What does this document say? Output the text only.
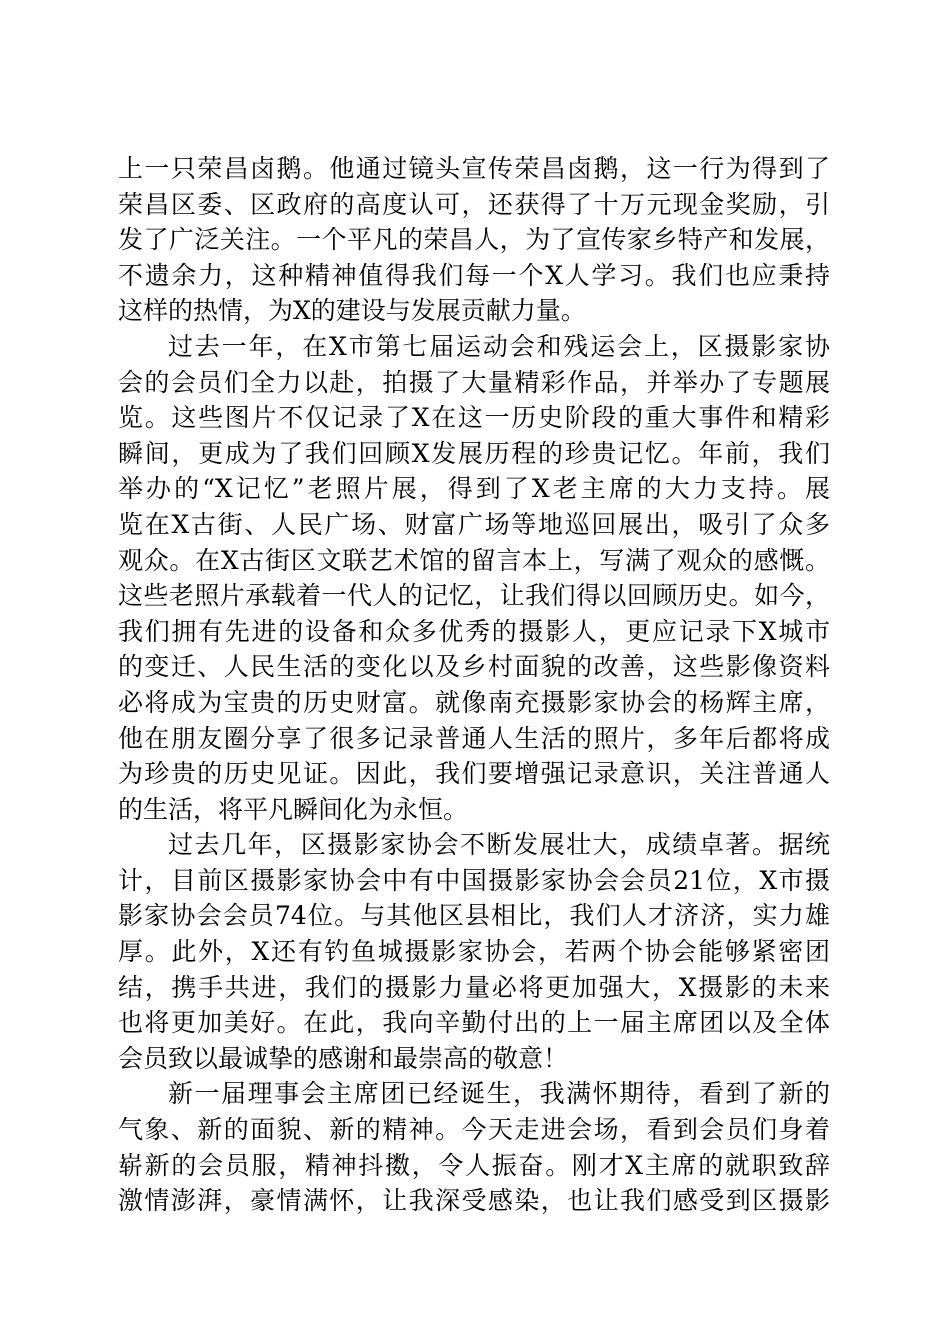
上一只荣昌卤鹅。他通过镜头宣传荣昌卤鹅，这一行为得到了
荣昌区委、区政府的高度认可，还获得了十万元现金奖励，引
发了广泛关注。一个平凡的荣昌人，为了宣传家乡特产和发展，
不遗余力，这种精神值得我们每一个X人学习。我们也应秉持
这样的热情，为X的建设与发展贡献力量。
过去一年，在X市第七届运动会和残运会上，区摄影家协
会的会员们全力以赴，拍摄了大量精彩作品，并举办了专题展
览。这些图片不仅记录了X在这一历史阶段的重大事件和精彩
瞬间，更成为了我们回顾X发展历程的珍贵记忆。年前，我们
举办的“X记忆”老照片展，得到了X老主席的大力支持。展
览在X古街、人民广场、财富广场等地巡回展出，吸引了众多
观众。在X古街区文联艺术馆的留言本上，写满了观众的感慨。
这些老照片承载着一代人的记忆，让我们得以回顾历史。如今，
我们拥有先进的设备和众多优秀的摄影人，更应记录下X城市
的变迁、人民生活的变化以及乡村面貌的改善，这些影像资料
必将成为宝贵的历史财富。就像南充摄影家协会的杨辉主席，
他在朋友圈分享了很多记录普通人生活的照片，多年后都将成
为珍贵的历史见证。因此，我们要增强记录意识，关注普通人
的生活，将平凡瞬间化为永恒。
过去几年，区摄影家协会不断发展壮大，成绩卓著。据统
计，目前区摄影家协会中有中国摄影家协会会员21位，X市摄
影家协会会员74位。与其他区县相比，我们人才济济，实力雄
厚。此外，X还有钓鱼城摄影家协会，若两个协会能够紧密团
结，携手共进，我们的摄影力量必将更加强大，X摄影的未来
也将更加美好。在此，我向辛勤付出的上一届主席团以及全体
会员致以最诚挚的感谢和最崇高的敬意！
新一届理事会主席团已经诞生，我满怀期待，看到了新的
气象、新的面貌、新的精神。今天走进会场，看到会员们身着
崭新的会员服，精神抖擞，令人振奋。刚才X主席的就职致辞
激情澎湃，豪情满怀，让我深受感染，也让我们感受到区摄影
